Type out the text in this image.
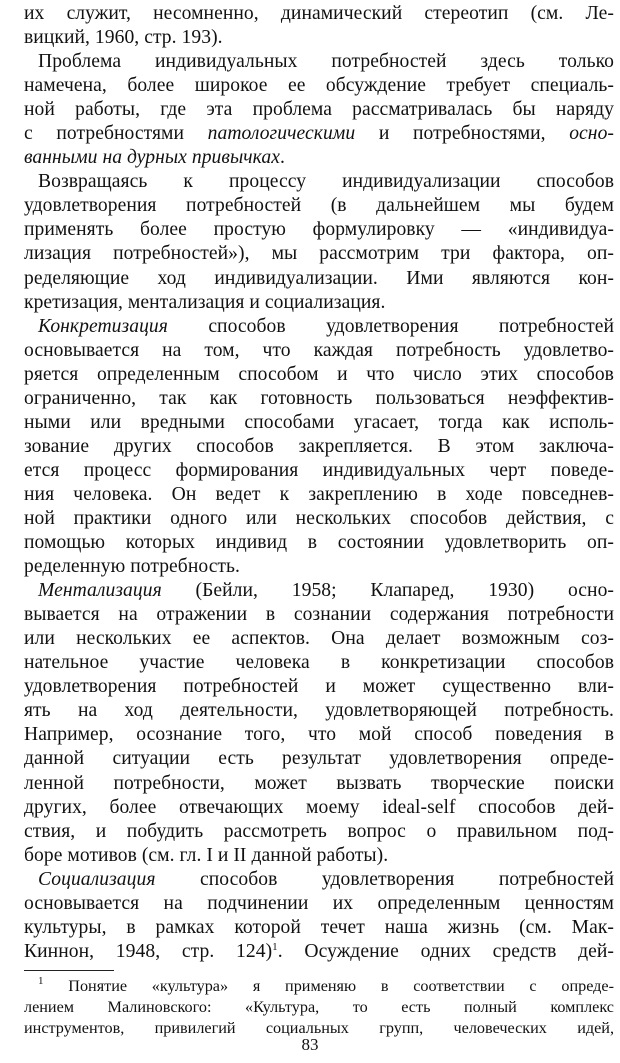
их служит, несомненно, динамический стереотип (см. Ле-
вицкий, 1960, стр. 193).
Проблема индивидуальных потребностей здесь только
намечена, более широкое ее обсуждение требует специаль-
ной работы, где эта проблема рассматривалась бы наряду
с потребностями патологическими и потребностями, осно-
ванными на дурных привычках.
Возвращаясь к процессу индивидуализации способов
удовлетворения потребностей (в дальнейшем мы будем
применять более простую формулировку — «индивидуа-
лизация потребностей»), мы рассмотрим три фактора, оп-
ределяющие ход индивидуализации. Ими являются кон-
кретизация, ментализация и социализация.
Конкретизация способов удовлетворения потребностей
основывается на том, что каждая потребность удовлетво-
ряется определенным способом и что число этих способов
ограниченно, так как готовность пользоваться неэффектив-
ными или вредными способами угасает, тогда как исполь-
зование других способов закрепляется. В этом заключа-
ется процесс формирования индивидуальных черт поведе-
ния человека. Он ведет к закреплению в ходе повседнев-
ной практики одного или нескольких способов действия, с
помощью которых индивид в состоянии удовлетворить оп-
ределенную потребность.
Ментализация (Бейли, 1958; Клапаред, 1930) осно-
вывается на отражении в сознании содержания потребности
или нескольких ее аспектов. Она делает возможным соз-
нательное участие человека в конкретизации способов
удовлетворения потребностей и может существенно вли-
ять на ход деятельности, удовлетворяющей потребность.
Например, осознание того, что мой способ поведения в
данной ситуации есть результат удовлетворения опреде-
ленной потребности, может вызвать творческие поиски
других, более отвечающих моему ideal-self способов дей-
ствия, и побудить рассмотреть вопрос о правильном под-
боре мотивов (см. гл. I и II данной работы).
Социализация способов удовлетворения потребностей
основывается на подчинении их определенным ценностям
культуры, в рамках которой течет наша жизнь (см. Мак-
Киннон, 1948, стр. 124)$^1$. Осуждение одних средств дей-
$^1$ Понятие «культура» я применяю в соответствии с опреде-
лением Малиновского: «Культура, то есть полный комплекс
инструментов, привилегий социальных групп, человеческих идей,
83
